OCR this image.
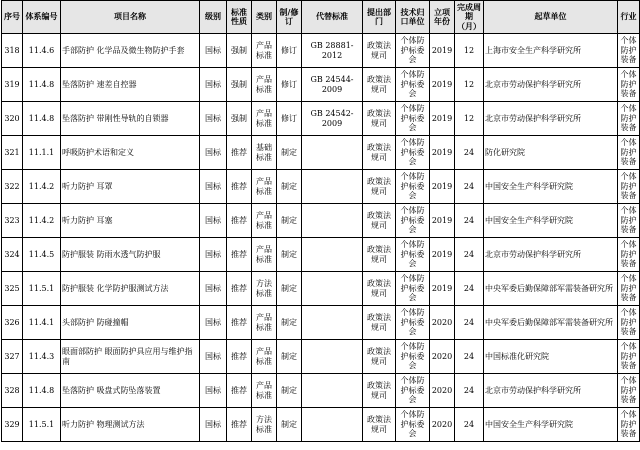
序号	体系编号	项目名称	级别	标准性质	类别	制/修订	代替标准	提出部门	技术归口单位	立项年份	完成周期（月）	起草单位	行业
318	11.4.6	手部防护 化学品及微生物防护手套	国标	强制	产品标准	修订	GB 28881-2012	政策法规司	个体防护标委会	2019	12	上海市安全生产科学研究所	个体防护装备
319	11.4.8	坠落防护 速差自控器	国标	强制	产品标准	修订	GB 24544-2009	政策法规司	个体防护标委会	2019	12	北京市劳动保护科学研究所	个体防护装备
320	11.4.8	坠落防护 带刚性导轨的自锁器	国标	强制	产品标准	修订	GB 24542-2009	政策法规司	个体防护标委会	2019	12	北京市劳动保护科学研究所	个体防护装备
321	11.1.1	呼吸防护术语和定义	国标	推荐	基础标准	制定		政策法规司	个体防护标委会	2019	24	防化研究院	个体防护装备
322	11.4.2	听力防护 耳罩	国标	推荐	产品标准	制定		政策法规司	个体防护标委会	2019	24	中国安全生产科学研究院	个体防护装备
323	11.4.2	听力防护 耳塞	国标	推荐	产品标准	制定		政策法规司	个体防护标委会	2019	24	中国安全生产科学研究院	个体防护装备
324	11.4.5	防护服装 防雨水透气防护服	国标	推荐	产品标准	制定		政策法规司	个体防护标委会	2019	24	北京市劳动保护科学研究所	个体防护装备
325	11.5.1	防护服装 化学防护服测试方法	国标	推荐	方法标准	制定		政策法规司	个体防护标委会	2019	24	中央军委后勤保障部军需装备研究所	个体防护装备
326	11.4.1	头部防护 防碰撞帽	国标	推荐	产品标准	制定		政策法规司	个体防护标委会	2020	24	中央军委后勤保障部军需装备研究所	个体防护装备
327	11.4.3	眼面部防护 眼面防护具应用与维护指南	国标	推荐	产品标准	制定		政策法规司	个体防护标委会	2020	24	中国标准化研究院	个体防护装备
328	11.4.8	坠落防护 吸盘式防坠落装置	国标	推荐	产品标准	制定		政策法规司	个体防护标委会	2020	24	北京市劳动保护科学研究所	个体防护装备
329	11.5.1	听力防护 物理测试方法	国标	推荐	方法标准	制定		政策法规司	个体防护标委会	2020	24	中国安全生产科学研究院	个体防护装备
